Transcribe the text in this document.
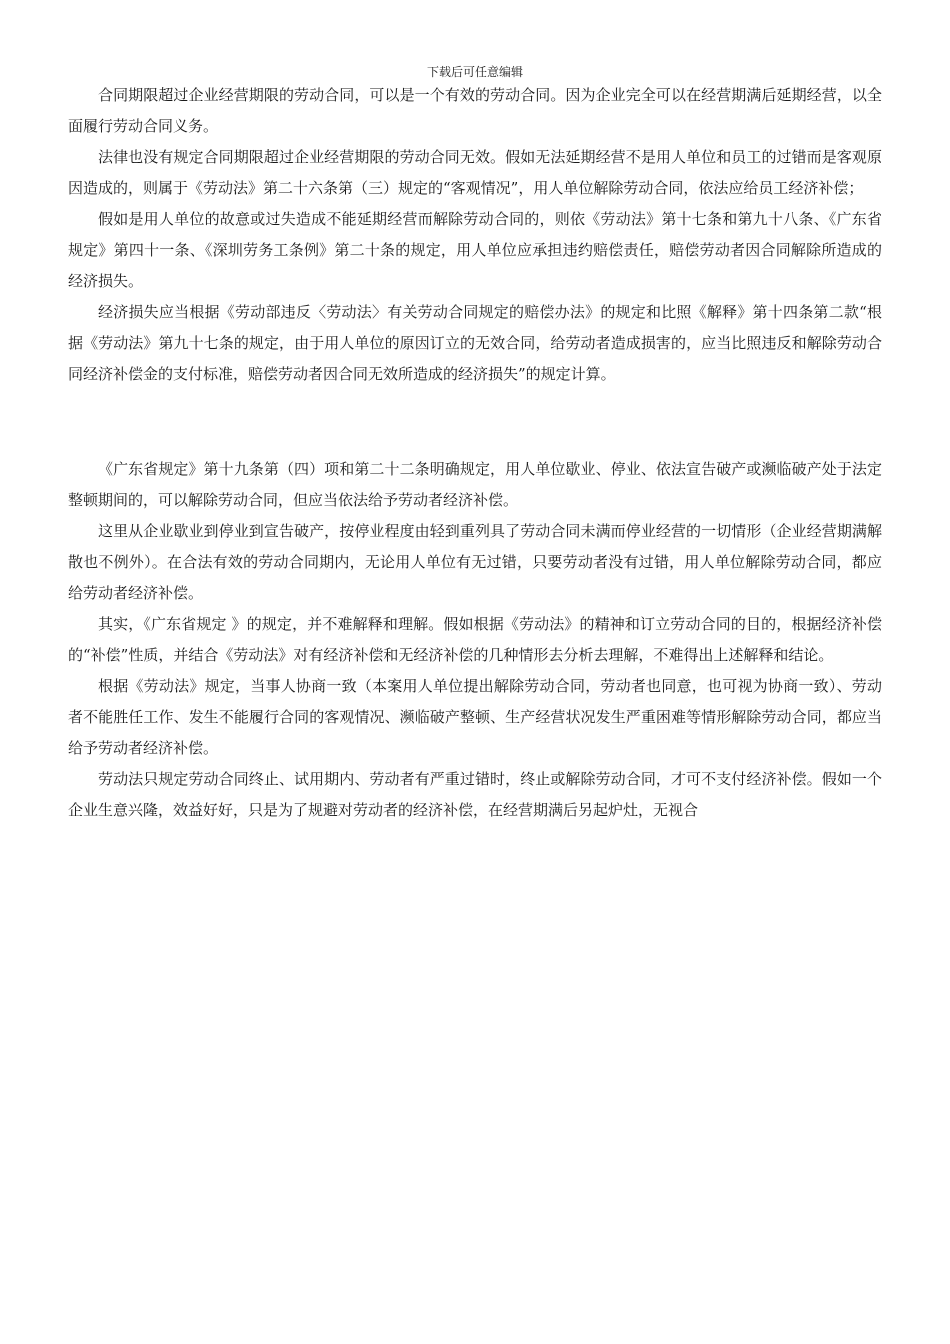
下载后可任意编辑

合同期限超过企业经营期限的劳动合同，可以是一个有效的劳动合同。因为企业完全可以在经营期满后延期经营，以全面履行劳动合同义务。

法律也没有规定合同期限超过企业经营期限的劳动合同无效。假如无法延期经营不是用人单位和员工的过错而是客观原因造成的，则属于《劳动法》第二十六条第（三）规定的“客观情况”，用人单位解除劳动合同，依法应给员工经济补偿；

假如是用人单位的故意或过失造成不能延期经营而解除劳动合同的，则依《劳动法》第十七条和第九十八条、《广东省规定》第四十一条、《深圳劳务工条例》第二十条的规定，用人单位应承担违约赔偿责任，赔偿劳动者因合同解除所造成的经济损失。

经济损失应当根据《劳动部违反〈劳动法〉有关劳动合同规定的赔偿办法》的规定和比照《解释》第十四条第二款“根据《劳动法》第九十七条的规定，由于用人单位的原因订立的无效合同，给劳动者造成损害的，应当比照违反和解除劳动合同经济补偿金的支付标准，赔偿劳动者因合同无效所造成的经济损失”的规定计算。

《广东省规定》第十九条第（四）项和第二十二条明确规定，用人单位歇业、停业、依法宣告破产或濒临破产处于法定整顿期间的，可以解除劳动合同，但应当依法给予劳动者经济补偿。

这里从企业歇业到停业到宣告破产，按停业程度由轻到重列具了劳动合同未满而停业经营的一切情形（企业经营期满解散也不例外）。在合法有效的劳动合同期内，无论用人单位有无过错，只要劳动者没有过错，用人单位解除劳动合同，都应给劳动者经济补偿。

其实，《广东省规定 》的规定，并不难解释和理解。假如根据《劳动法》的精神和订立劳动合同的目的，根据经济补偿的“补偿”性质，并结合《劳动法》对有经济补偿和无经济补偿的几种情形去分析去理解，不难得出上述解释和结论。

根据《劳动法》规定，当事人协商一致（本案用人单位提出解除劳动合同，劳动者也同意，也可视为协商一致）、劳动者不能胜任工作、发生不能履行合同的客观情况、濒临破产整顿、生产经营状况发生严重困难等情形解除劳动合同，都应当给予劳动者经济补偿。

劳动法只规定劳动合同终止、试用期内、劳动者有严重过错时，终止或解除劳动合同，才可不支付经济补偿。假如一个企业生意兴隆，效益好好，只是为了规避对劳动者的经济补偿，在经营期满后另起炉灶，无视合
